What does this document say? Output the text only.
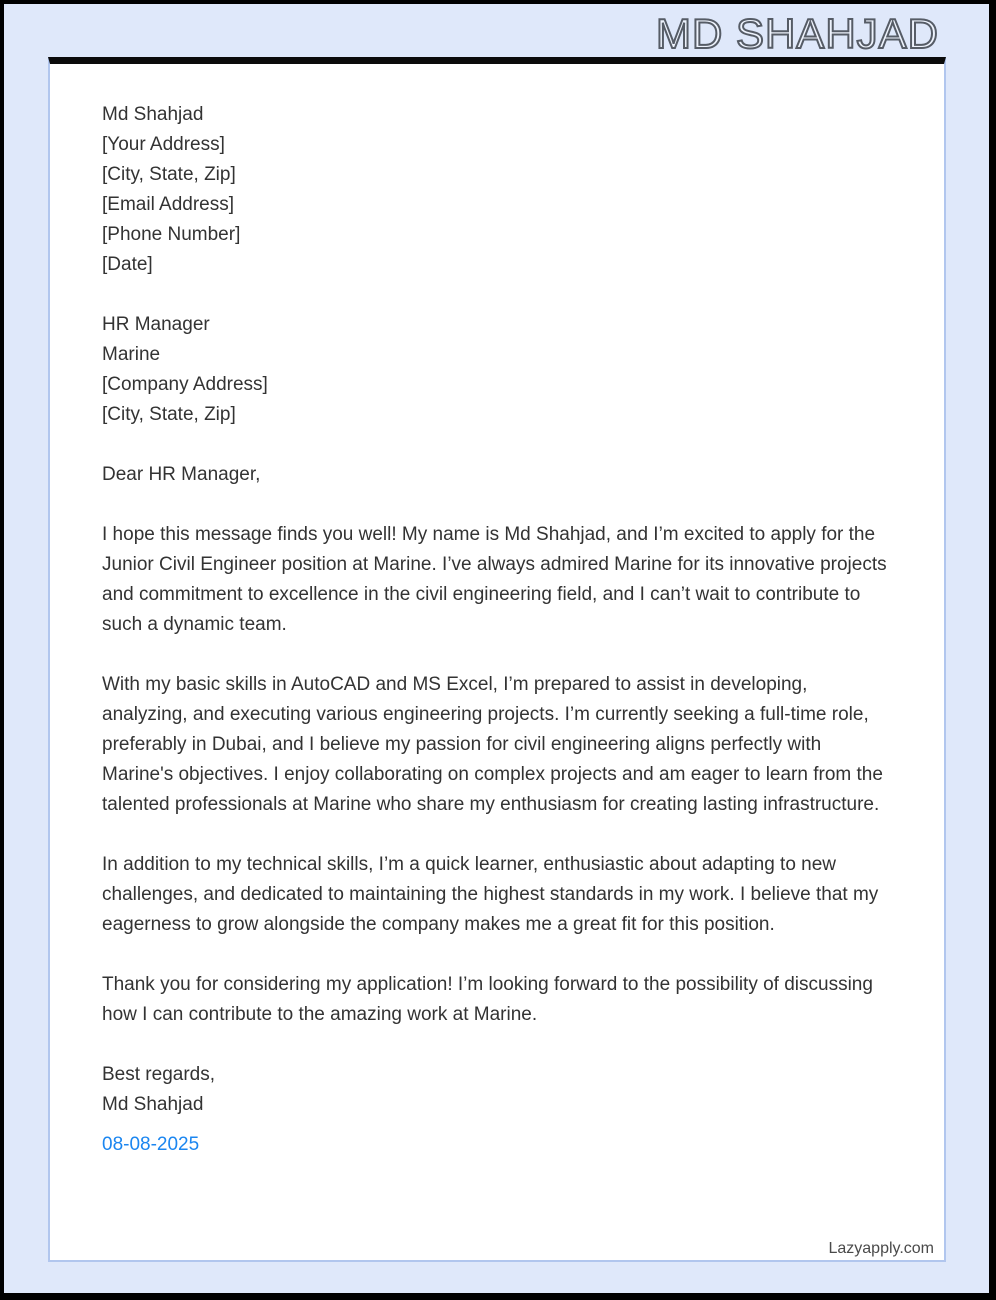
MD SHAHJAD
Md Shahjad
[Your Address]
[City, State, Zip]
[Email Address]
[Phone Number]
[Date]
HR Manager
Marine
[Company Address]
[City, State, Zip]
Dear HR Manager,

I hope this message finds you well! My name is Md Shahjad, and I’m excited to apply for the Junior Civil Engineer position at Marine. I’ve always admired Marine for its innovative projects and commitment to excellence in the civil engineering field, and I can’t wait to contribute to such a dynamic team.

With my basic skills in AutoCAD and MS Excel, I’m prepared to assist in developing, analyzing, and executing various engineering projects. I’m currently seeking a full-time role, preferably in Dubai, and I believe my passion for civil engineering aligns perfectly with Marine's objectives. I enjoy collaborating on complex projects and am eager to learn from the talented professionals at Marine who share my enthusiasm for creating lasting infrastructure.

In addition to my technical skills, I’m a quick learner, enthusiastic about adapting to new challenges, and dedicated to maintaining the highest standards in my work. I believe that my eagerness to grow alongside the company makes me a great fit for this position.

Thank you for considering my application! I’m looking forward to the possibility of discussing how I can contribute to the amazing work at Marine.

Best regards,
Md Shahjad
08-08-2025
Lazyapply.com
